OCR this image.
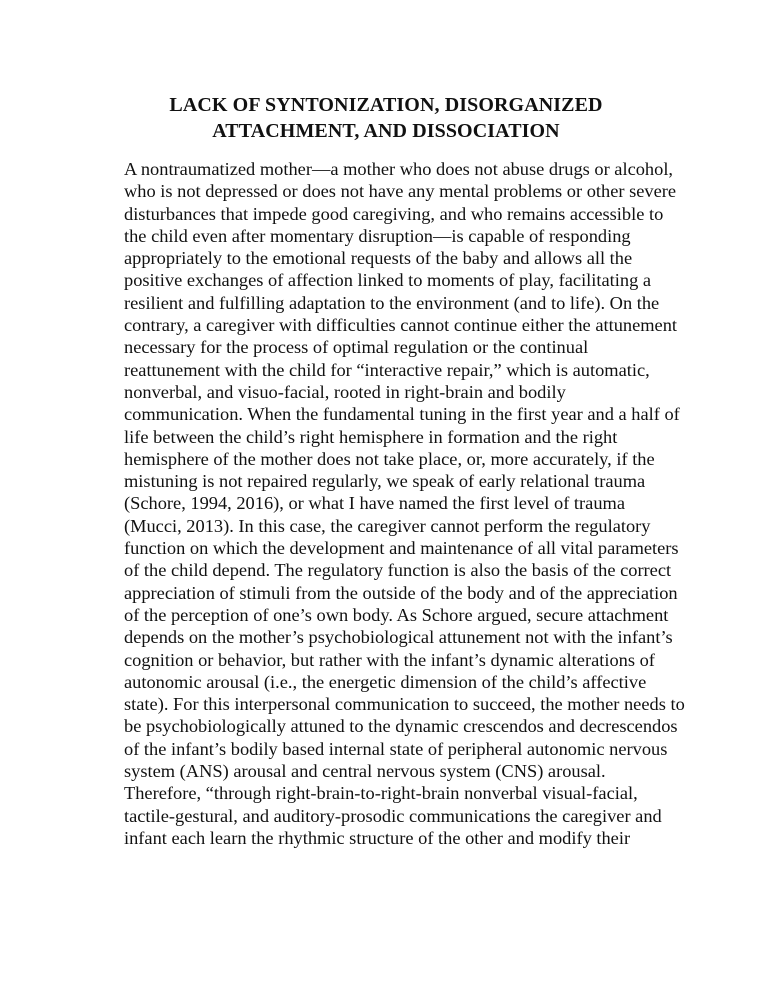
LACK OF SYNTONIZATION, DISORGANIZED
ATTACHMENT, AND DISSOCIATION
A nontraumatized mother—a mother who does not abuse drugs or alcohol,
who is not depressed or does not have any mental problems or other severe
disturbances that impede good caregiving, and who remains accessible to
the child even after momentary disruption—is capable of responding
appropriately to the emotional requests of the baby and allows all the
positive exchanges of affection linked to moments of play, facilitating a
resilient and fulfilling adaptation to the environment (and to life). On the
contrary, a caregiver with difficulties cannot continue either the attunement
necessary for the process of optimal regulation or the continual
reattunement with the child for “interactive repair,” which is automatic,
nonverbal, and visuo-facial, rooted in right-brain and bodily
communication. When the fundamental tuning in the first year and a half of
life between the child’s right hemisphere in formation and the right
hemisphere of the mother does not take place, or, more accurately, if the
mistuning is not repaired regularly, we speak of early relational trauma
(Schore, 1994, 2016), or what I have named the first level of trauma
(Mucci, 2013). In this case, the caregiver cannot perform the regulatory
function on which the development and maintenance of all vital parameters
of the child depend. The regulatory function is also the basis of the correct
appreciation of stimuli from the outside of the body and of the appreciation
of the perception of one’s own body. As Schore argued, secure attachment
depends on the mother’s psychobiological attunement not with the infant’s
cognition or behavior, but rather with the infant’s dynamic alterations of
autonomic arousal (i.e., the energetic dimension of the child’s affective
state). For this interpersonal communication to succeed, the mother needs to
be psychobiologically attuned to the dynamic crescendos and decrescendos
of the infant’s bodily based internal state of peripheral autonomic nervous
system (ANS) arousal and central nervous system (CNS) arousal.
Therefore, “through right-brain-to-right-brain nonverbal visual-facial,
tactile-gestural, and auditory-prosodic communications the caregiver and
infant each learn the rhythmic structure of the other and modify their
